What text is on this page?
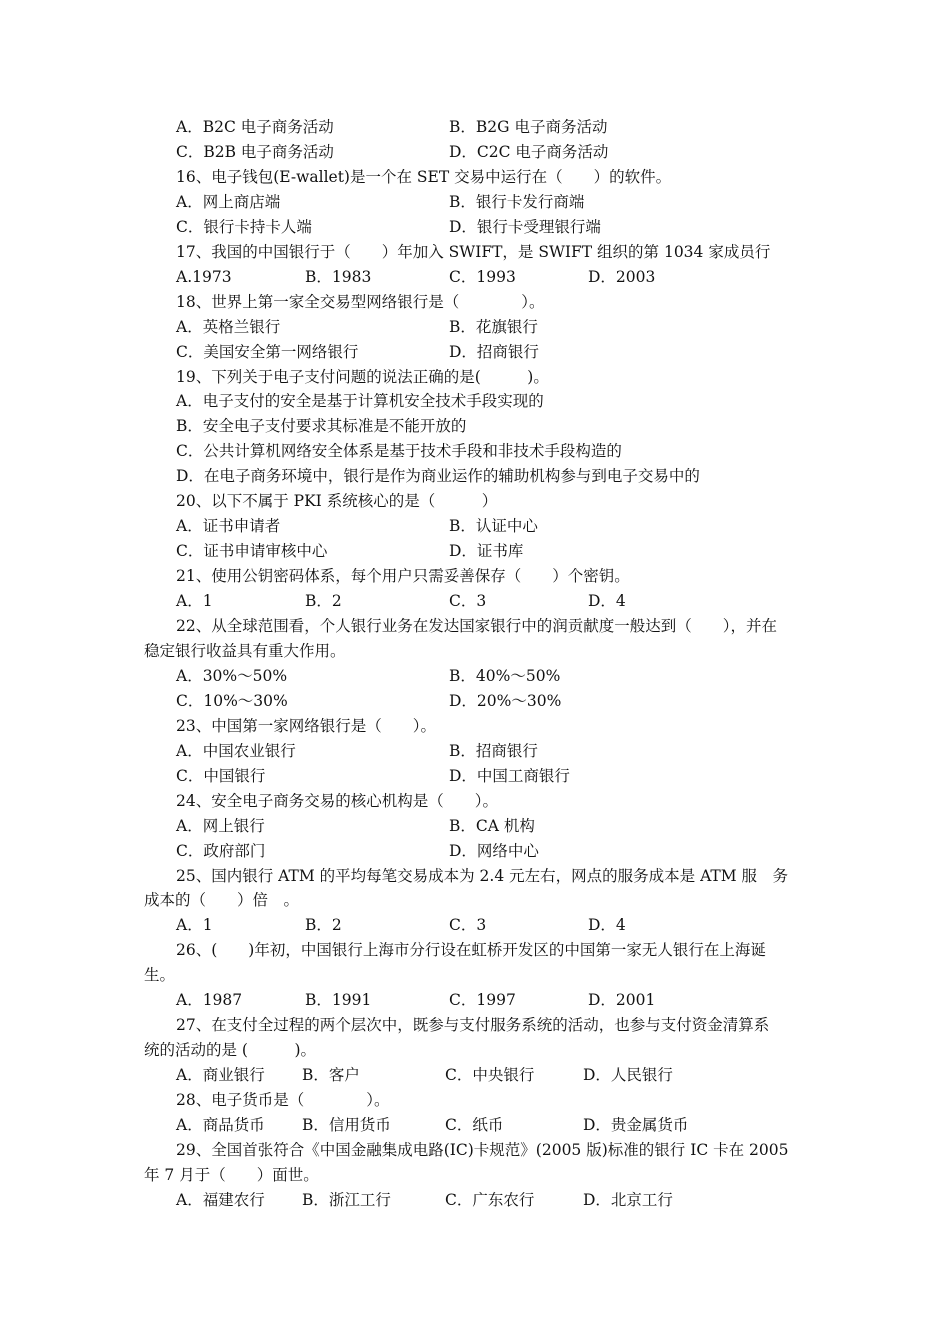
A．B2C 电子商务活动	B．B2G 电子商务活动
C．B2B 电子商务活动	D．C2C 电子商务活动
16、电子钱包(E-wallet)是一个在 SET 交易中运行在（　　）的软件。
A．网上商店端	B．银行卡发行商端
C．银行卡持卡人端	D．银行卡受理银行端
17、我国的中国银行于（　　）年加入 SWIFT，是 SWIFT 组织的第 1034 家成员行
A.1973	B．1983	C．1993	D．2003
18、世界上第一家全交易型网络银行是（　　　　）。
A．英格兰银行	B．花旗银行
C．美国安全第一网络银行	D．招商银行
19、下列关于电子支付问题的说法正确的是(　　　)。
A．电子支付的安全是基于计算机安全技术手段实现的
B．安全电子支付要求其标准是不能开放的
C．公共计算机网络安全体系是基于技术手段和非技术手段构造的
D．在电子商务环境中，银行是作为商业运作的辅助机构参与到电子交易中的
20、以下不属于 PKI 系统核心的是（　　　）
A．证书申请者	B．认证中心
C．证书申请审核中心	D．证书库
21、使用公钥密码体系，每个用户只需妥善保存（　　）个密钥。
A．1	B．2	C．3	D．4
22、从全球范围看，个人银行业务在发达国家银行中的润贡献度一般达到（　　），并在
稳定银行收益具有重大作用。
A．30%～50%	B．40%～50%
C．10%～30%	D．20%～30%
23、中国第一家网络银行是（　　）。
A．中国农业银行	B．招商银行
C．中国银行	D．中国工商银行
24、安全电子商务交易的核心机构是（　　）。
A．网上银行	B．CA 机构
C．政府部门	D．网络中心
25、国内银行 ATM 的平均每笔交易成本为 2.4 元左右，网点的服务成本是 ATM 服　务
成本的（　　）倍　。
A．1	B．2	C．3	D．4
26、(　　)年初，中国银行上海市分行设在虹桥开发区的中国第一家无人银行在上海诞
生。
A．1987	B．1991	C．1997	D．2001
27、在支付全过程的两个层次中，既参与支付服务系统的活动，也参与支付资金清算系
统的活动的是 (　　　)。
A．商业银行 B．客户	C．中央银行	D．人民银行
28、电子货币是（　　　　）。
A．商品货币 B．信用货币	C．纸币	D．贵金属货币
29、全国首张符合《中国金融集成电路(IC)卡规范》(2005 版)标准的银行 IC 卡在 2005
年 7 月于（　　）面世。
A．福建农行 B．浙江工行	C．广东农行	D．北京工行
